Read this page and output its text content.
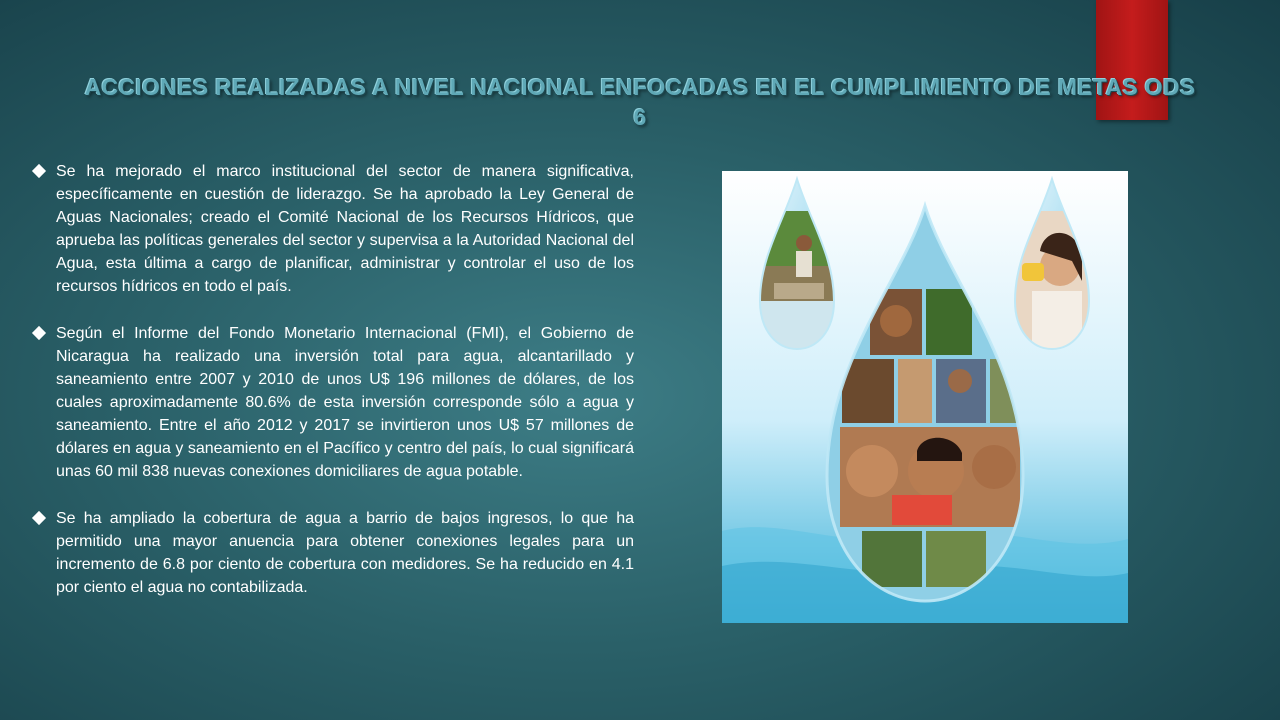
ACCIONES REALIZADAS A NIVEL NACIONAL ENFOCADAS EN EL CUMPLIMIENTO DE METAS ODS 6
Se ha mejorado el marco institucional del sector de manera significativa, específicamente en cuestión de liderazgo. Se ha aprobado la Ley General de Aguas Nacionales; creado el Comité Nacional de los Recursos Hídricos, que aprueba las políticas generales del sector y supervisa a la Autoridad Nacional del Agua, esta última a cargo de planificar, administrar y controlar el uso de los recursos hídricos en todo el país.
Según el Informe del Fondo Monetario Internacional (FMI), el Gobierno de Nicaragua ha realizado una inversión total para agua, alcantarillado y saneamiento entre 2007 y 2010 de unos U$ 196 millones de dólares, de los cuales aproximadamente 80.6% de esta inversión corresponde sólo a agua y saneamiento. Entre el año 2012 y 2017 se invirtieron unos U$ 57 millones de dólares en agua y saneamiento en el Pacífico y centro del país, lo cual significará unas 60 mil 838 nuevas conexiones domiciliares de agua potable.
Se ha ampliado la cobertura de agua a barrio de bajos ingresos, lo que ha permitido una mayor anuencia para obtener conexiones legales para un incremento de 6.8 por ciento de cobertura con medidores. Se ha reducido en 4.1 por ciento el agua no contabilizada.
